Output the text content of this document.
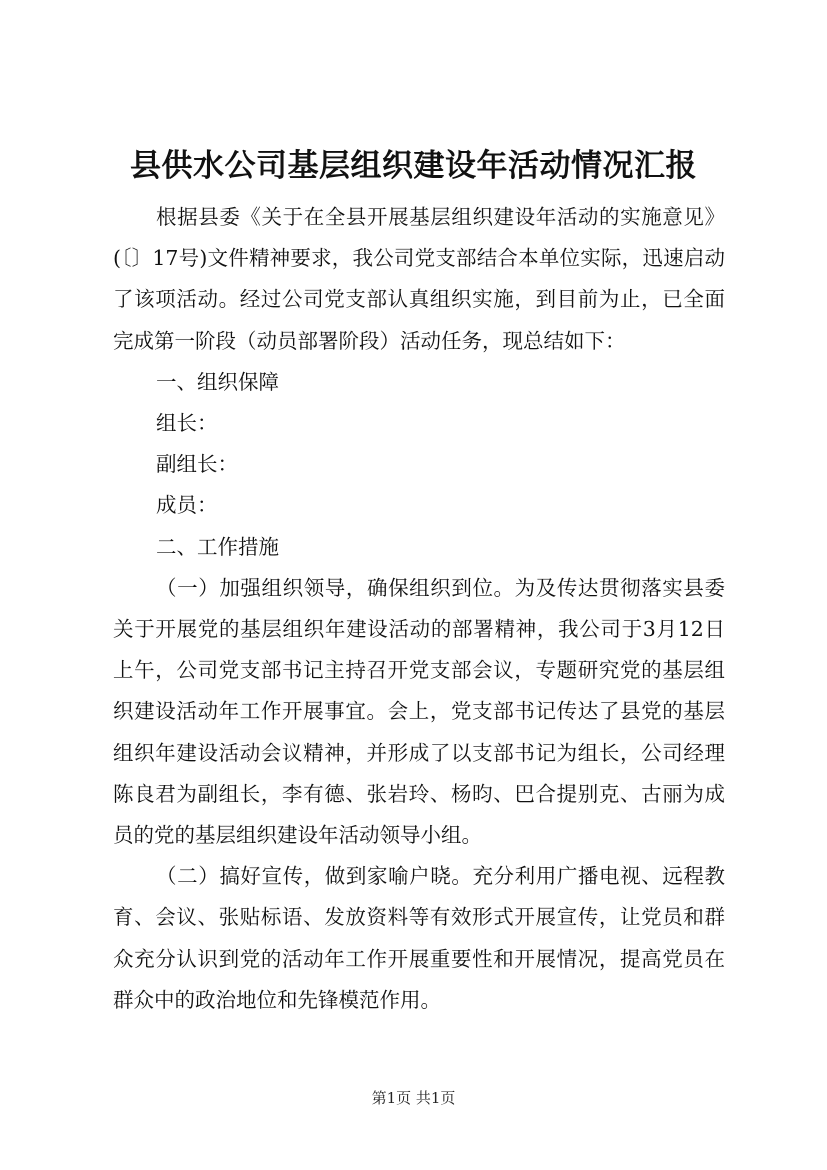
县供水公司基层组织建设年活动情况汇报

根据县委《关于在全县开展基层组织建设年活动的实施意见》(〔〕17号)文件精神要求，我公司党支部结合本单位实际，迅速启动了该项活动。经过公司党支部认真组织实施，到目前为止，已全面完成第一阶段（动员部署阶段）活动任务，现总结如下：

一、组织保障

组长：

副组长：

成员：

二、工作措施

（一）加强组织领导，确保组织到位。为及传达贯彻落实县委关于开展党的基层组织年建设活动的部署精神，我公司于3月12日上午，公司党支部书记主持召开党支部会议，专题研究党的基层组织建设活动年工作开展事宜。会上，党支部书记传达了县党的基层组织年建设活动会议精神，并形成了以支部书记为组长，公司经理陈良君为副组长，李有德、张岩玲、杨昀、巴合提别克、古丽为成员的党的基层组织建设年活动领导小组。

（二）搞好宣传，做到家喻户晓。充分利用广播电视、远程教育、会议、张贴标语、发放资料等有效形式开展宣传，让党员和群众充分认识到党的活动年工作开展重要性和开展情况，提高党员在群众中的政治地位和先锋模范作用。

第1页 共1页
